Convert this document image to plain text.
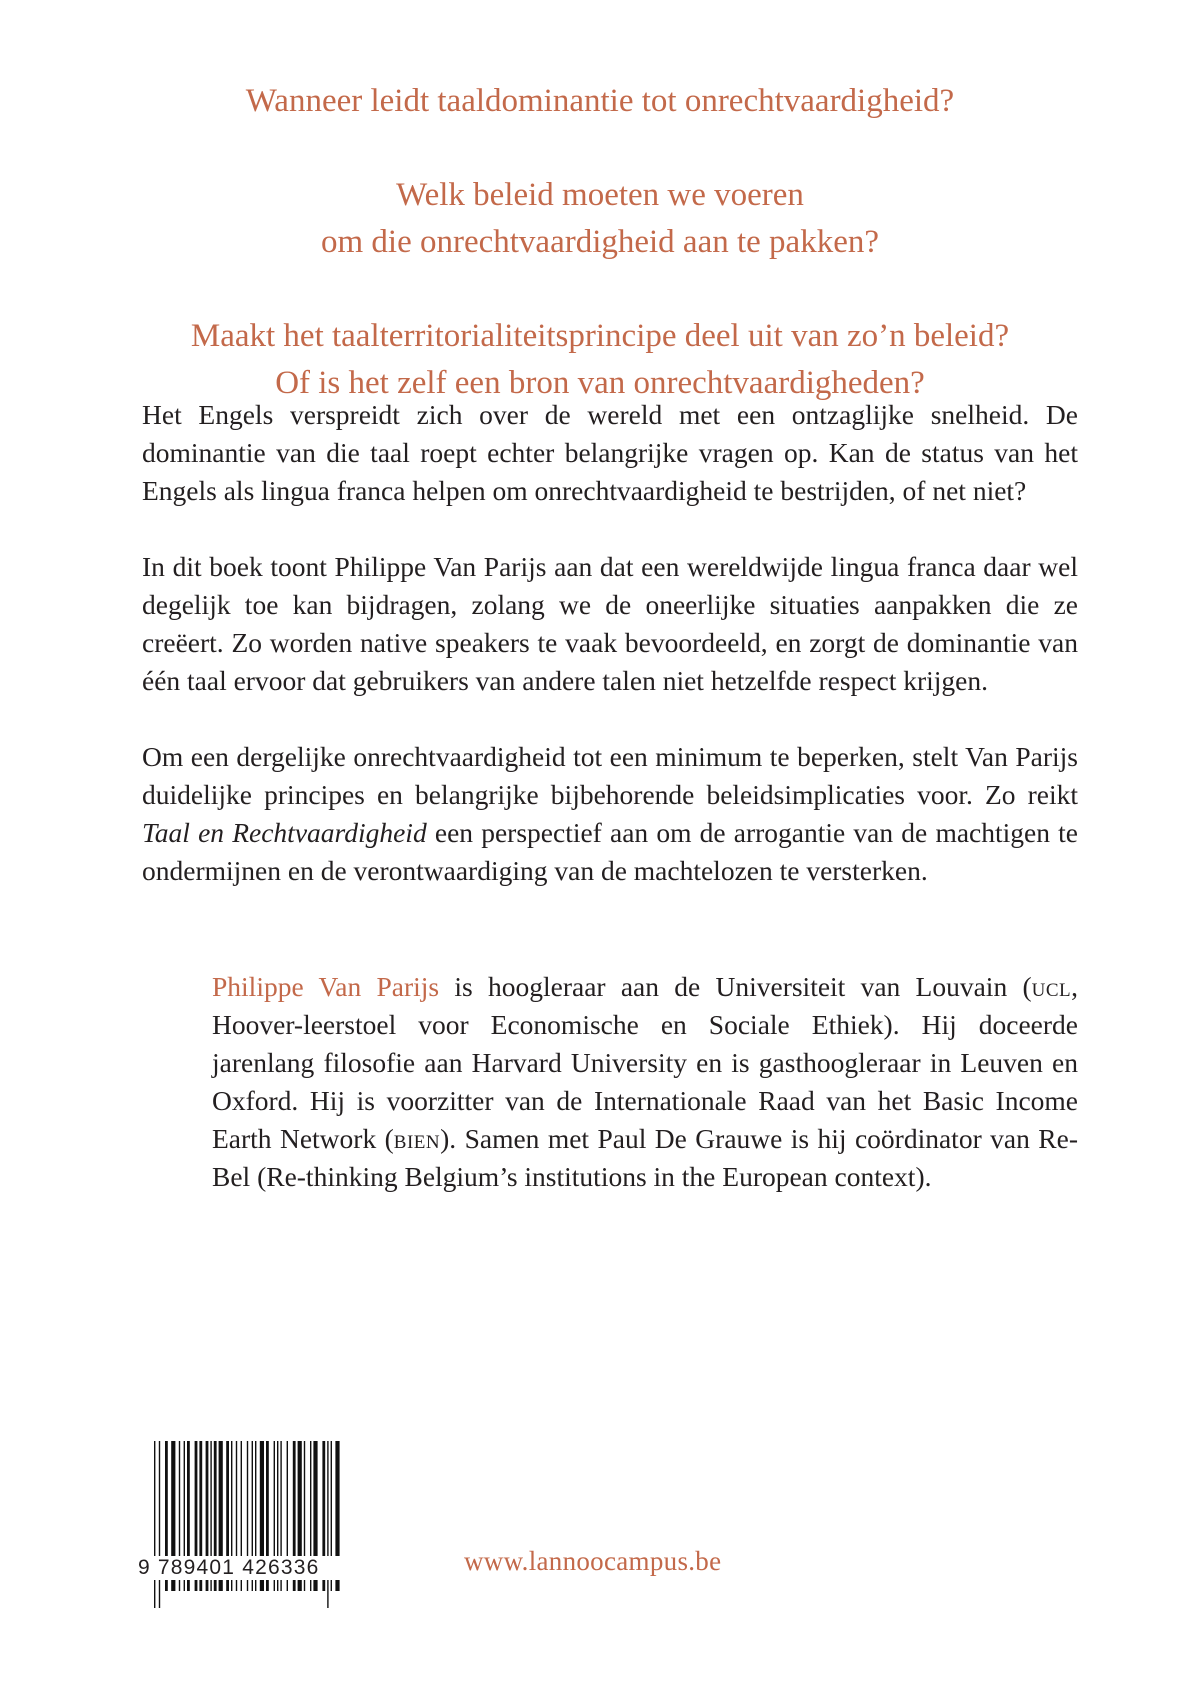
Wanneer leidt taaldominantie tot onrechtvaardigheid?
Welk beleid moeten we voeren
om die onrechtvaardigheid aan te pakken?
Maakt het taalterritorialiteitsprincipe deel uit van zo’n beleid?
Of is het zelf een bron van onrechtvaardigheden?

Het Engels verspreidt zich over de wereld met een ontzaglijke snelheid. De dominantie van die taal roept echter belangrijke vragen op. Kan de status van het Engels als lingua franca helpen om onrechtvaardigheid te bestrijden, of net niet?

In dit boek toont Philippe Van Parijs aan dat een wereldwijde lingua franca daar wel degelijk toe kan bijdragen, zolang we de oneerlijke situaties aanpakken die ze creëert. Zo worden native speakers te vaak bevoordeeld, en zorgt de dominantie van één taal ervoor dat gebruikers van andere talen niet hetzelfde respect krijgen.

Om een dergelijke onrechtvaardigheid tot een minimum te beperken, stelt Van Parijs duidelijke principes en belangrijke bijbehorende beleidsimplicaties voor. Zo reikt Taal en Rechtvaardigheid een perspectief aan om de arrogantie van de machtigen te ondermijnen en de verontwaardiging van de machtelozen te versterken.

Philippe Van Parijs is hoogleraar aan de Universiteit van Louvain (ucl, Hoover-leerstoel voor Economische en Sociale Ethiek). Hij doceerde jarenlang filosofie aan Harvard University en is gasthoogleraar in Leuven en Oxford. Hij is voorzitter van de Internationale Raad van het Basic Income Earth Network (bien). Samen met Paul De Grauwe is hij coördinator van Re-Bel (Re-thinking Belgium’s institutions in the European context).

9 789401 426336	www.lannoocampus.be
